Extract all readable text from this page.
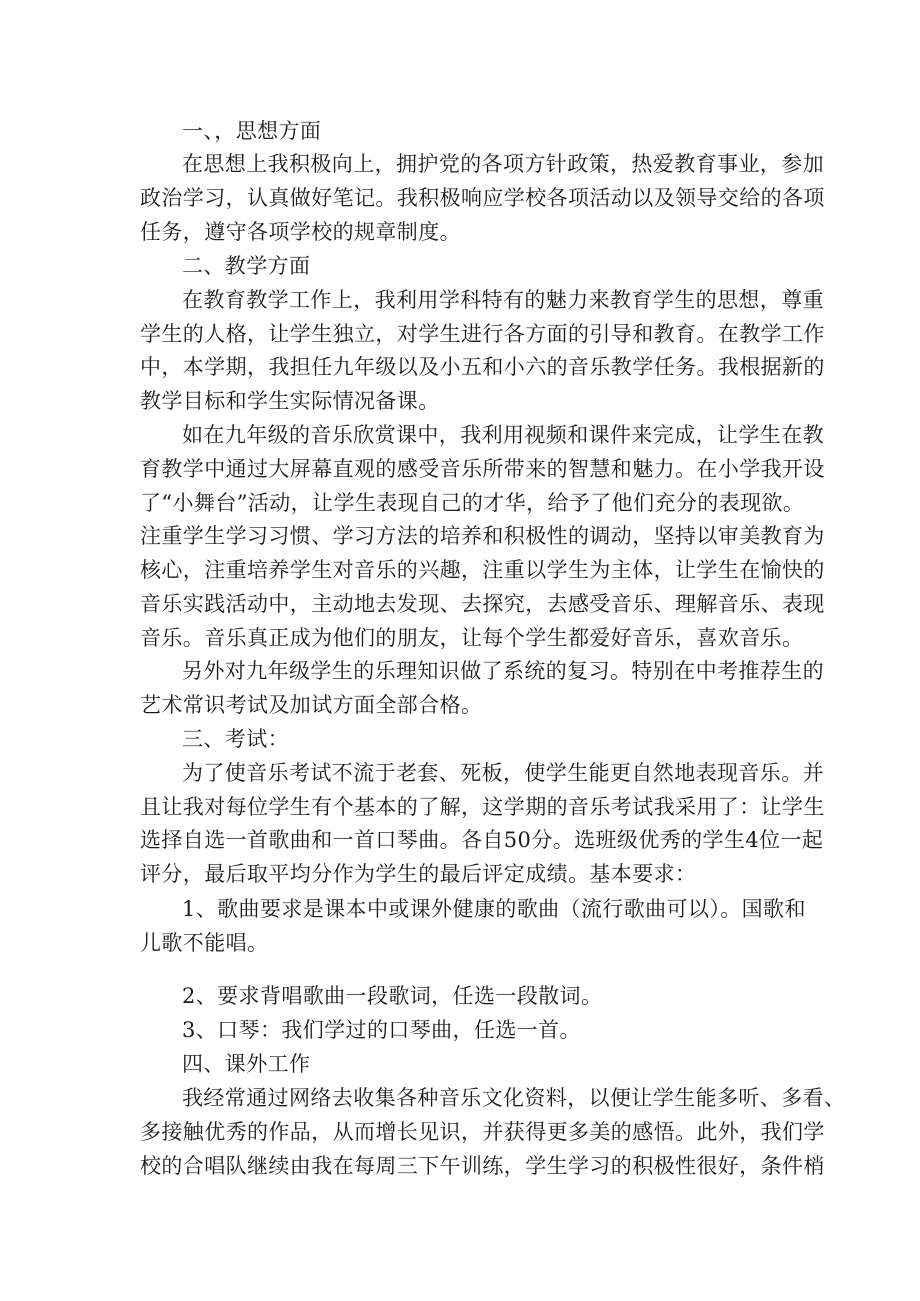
一、，思想方面
在思想上我积极向上，拥护党的各项方针政策，热爱教育事业，参加
政治学习，认真做好笔记。我积极响应学校各项活动以及领导交给的各项
任务，遵守各项学校的规章制度。
二、教学方面
在教育教学工作上，我利用学科特有的魅力来教育学生的思想，尊重
学生的人格，让学生独立，对学生进行各方面的引导和教育。在教学工作
中，本学期，我担任九年级以及小五和小六的音乐教学任务。我根据新的
教学目标和学生实际情况备课。
如在九年级的音乐欣赏课中，我利用视频和课件来完成，让学生在教
育教学中通过大屏幕直观的感受音乐所带来的智慧和魅力。在小学我开设
了“小舞台”活动，让学生表现自己的才华，给予了他们充分的表现欲。
注重学生学习习惯、学习方法的培养和积极性的调动，坚持以审美教育为
核心，注重培养学生对音乐的兴趣，注重以学生为主体，让学生在愉快的
音乐实践活动中，主动地去发现、去探究，去感受音乐、理解音乐、表现
音乐。音乐真正成为他们的朋友，让每个学生都爱好音乐，喜欢音乐。
另外对九年级学生的乐理知识做了系统的复习。特别在中考推荐生的
艺术常识考试及加试方面全部合格。
三、考试：
为了使音乐考试不流于老套、死板，使学生能更自然地表现音乐。并
且让我对每位学生有个基本的了解，这学期的音乐考试我采用了：让学生
选择自选一首歌曲和一首口琴曲。各自50分。选班级优秀的学生4位一起
评分，最后取平均分作为学生的最后评定成绩。基本要求：
1、歌曲要求是课本中或课外健康的歌曲（流行歌曲可以）。国歌和
儿歌不能唱。
2、要求背唱歌曲一段歌词，任选一段散词。
3、口琴：我们学过的口琴曲，任选一首。
四、课外工作
我经常通过网络去收集各种音乐文化资料，以便让学生能多听、多看、
多接触优秀的作品，从而增长见识，并获得更多美的感悟。此外，我们学
校的合唱队继续由我在每周三下午训练，学生学习的积极性很好，条件梢
